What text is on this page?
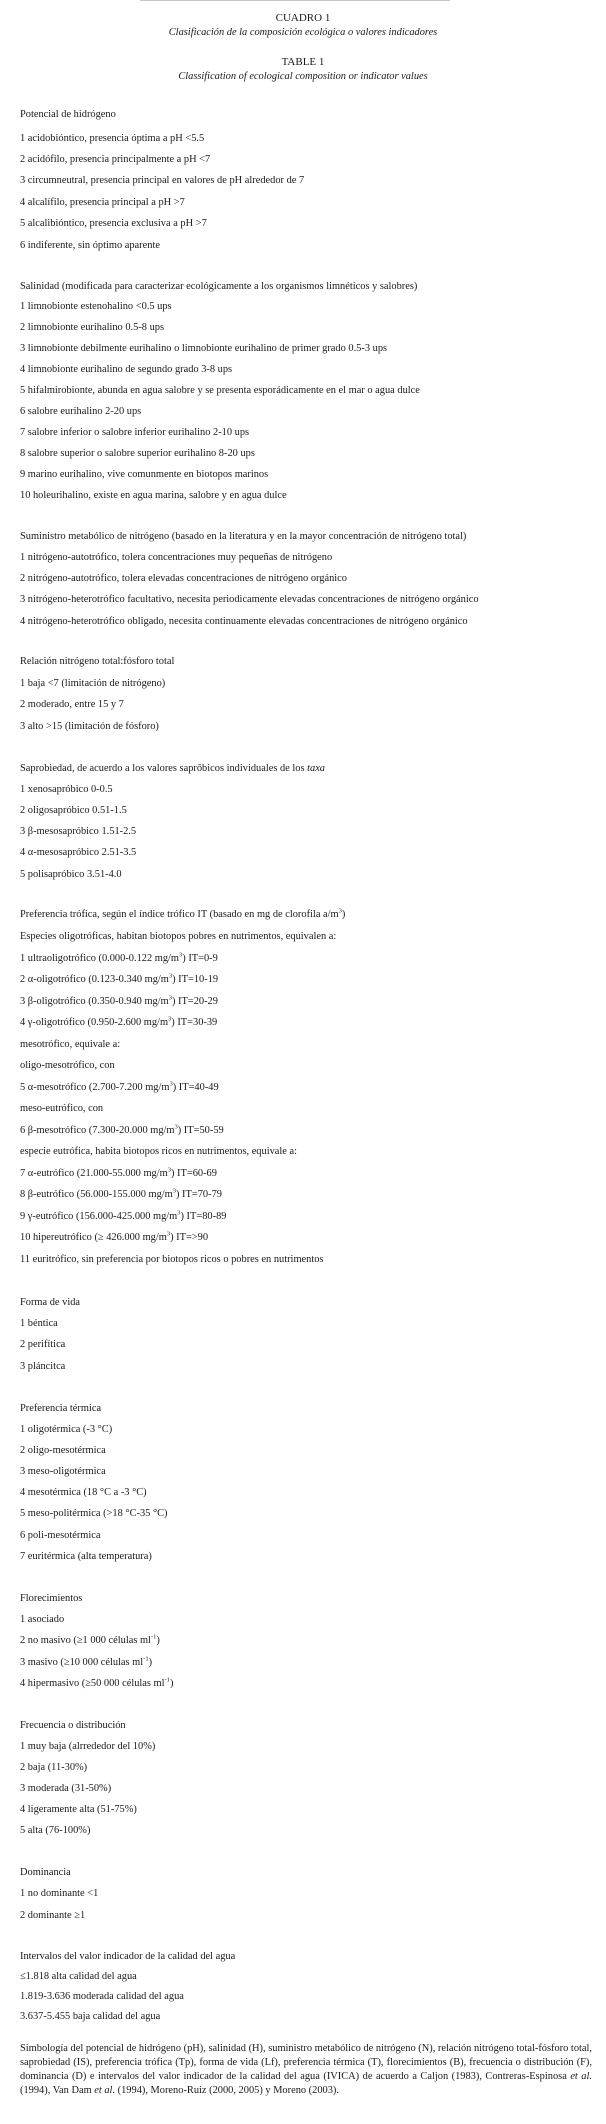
CUADRO 1
Clasificación de la composición ecológica o valores indicadores
TABLE 1
Classification of ecological composition or indicator values
Potencial de hidrógeno
1 acidobióntico, presencia óptima a pH <5.5
2 acidófilo, presencia principalmente a pH <7
3 circumneutral, presencia principal en valores de pH alrededor de 7
4 alcalífilo, presencia principal a pH >7
5 alcalibióntico, presencia exclusiva a pH >7
6 indiferente, sin óptimo aparente
Salinidad (modificada para caracterizar ecológicamente a los organismos limnéticos y salobres)
1 limnobionte estenohalino <0.5 ups
2 limnobionte eurihalino 0.5-8 ups
3 limnobionte debilmente eurihalino o limnobionte eurihalino de primer grado 0.5-3 ups
4 limnobionte eurihalino de segundo grado 3-8 ups
5 hifalmirobionte, abunda en agua salobre y se presenta esporádicamente en el mar o agua dulce
6 salobre eurihalino 2-20 ups
7 salobre inferior o salobre inferior eurihalino 2-10 ups
8 salobre superior o salobre superior eurihalino 8-20 ups
9 marino eurihalino, vive comunmente en biotopos marinos
10 holeurihalino, existe en agua marina, salobre y en agua dulce
Suministro metabólico de nitrógeno (basado en la literatura y en la mayor concentración de nitrógeno total)
1 nitrógeno-autotrófico, tolera concentraciones muy pequeñas de nitrógeno
2 nitrógeno-autotrófico, tolera elevadas concentraciones de nitrógeno orgánico
3 nitrógeno-heterotrófico facultativo, necesita periodicamente elevadas concentraciones de nitrógeno orgánico
4 nitrógeno-heterotrófico obligado, necesita continuamente elevadas concentraciones de nitrógeno orgánico
Relación nitrógeno total:fósforo total
1 baja <7 (limitación de nitrógeno)
2 moderado, entre 15 y 7
3 alto >15 (limitación de fósforo)
Saprobiedad, de acuerdo a los valores saprōbicos individuales de los taxa
1 xenosapróbico 0-0.5
2 oligosapróbico 0.51-1.5
3 β-mesosapróbico 1.51-2.5
4 α-mesosapróbico 2.51-3.5
5 polisapróbico 3.51-4.0
Preferencia trófica, según el índice trófico IT (basado en mg de clorofila $a/m^3$)
Especies oligotróficas, habitan biotopos pobres en nutrimentos, equivalen a:
1 ultraoligotrófico (0.000-0.122 $mg/m^3$) IT=0-9
2 α-oligotrófico (0.123-0.340 $mg/m^3$) IT=10-19
3 β-oligotrófico (0.350-0.940 $mg/m^3$) IT=20-29
4 γ-oligotrófico (0.950-2.600 $mg/m^3$) IT=30-39
mesotrófico, equivale a:
oligo-mesotrófico, con
5 α-mesotrófico (2.700-7.200 $mg/m^3$) IT=40-49
meso-eutrófico, con
6 β-mesotrófico (7.300-20.000 $mg/m^3$) IT=50-59
especie eutrófica, habita biotopos ricos en nutrimentos, equivale a:
7 α-eutrófico (21.000-55.000 $mg/m^3$) IT=60-69
8 β-eutrófico (56.000-155.000 $mg/m^3$) IT=70-79
9 γ-eutrófico (156.000-425.000 $mg/m^3$) IT=80-89
10 hipereutrófico (≥ 426.000 $mg/m^3$) IT=>90
11 euritrófico, sin preferencia por biotopos ricos o pobres en nutrimentos
Forma de vida
1 béntica
2 perifítica
3 pláncitca
Preferencia térmica
1 oligotérmica (-3 °C)
2 oligo-mesotérmica
3 meso-oligotérmica
4 mesotérmica (18 °C a -3 °C)
5 meso-politérmica (>18 °C-35 °C)
6 poli-mesotérmica
7 euritérmica (alta temperatura)
Florecimientos
1 asociado
2 no masivo (≥1 000 células $ml^{-1}$)
3 masivo (≥10 000 células $ml^{-1}$)
4 hipermasivo (≥50 000 células $ml^{-1}$)
Frecuencia o distribución
1 muy baja (alrrededor del 10%)
2 baja (11-30%)
3 moderada (31-50%)
4 ligeramente alta (51-75%)
5 alta (76-100%)
Dominancia
1 no dominante <1
2 dominante ≥1
Intervalos del valor indicador de la calidad del agua
≤1.818 alta calidad del agua
1.819-3.636 moderada calidad del agua
3.637-5.455 baja calidad del agua
Simbología del potencial de hidrógeno (pH), salinidad (H), suministro metabólico de nitrógeno (N), relación nitrógeno total-fósforo total, saprobiedad (IS), preferencia trófica (Tp), forma de vida (Lf), preferencia térmica (T), florecimientos (B), frecuencia o distribución (F), dominancia (D) e intervalos del valor indicador de la calidad del agua (IVICA) de acuerdo a Caljon (1983), Contreras-Espinosa et al. (1994), Van Dam et al. (1994), Moreno-Ruiz (2000, 2005) y Moreno (2003).
